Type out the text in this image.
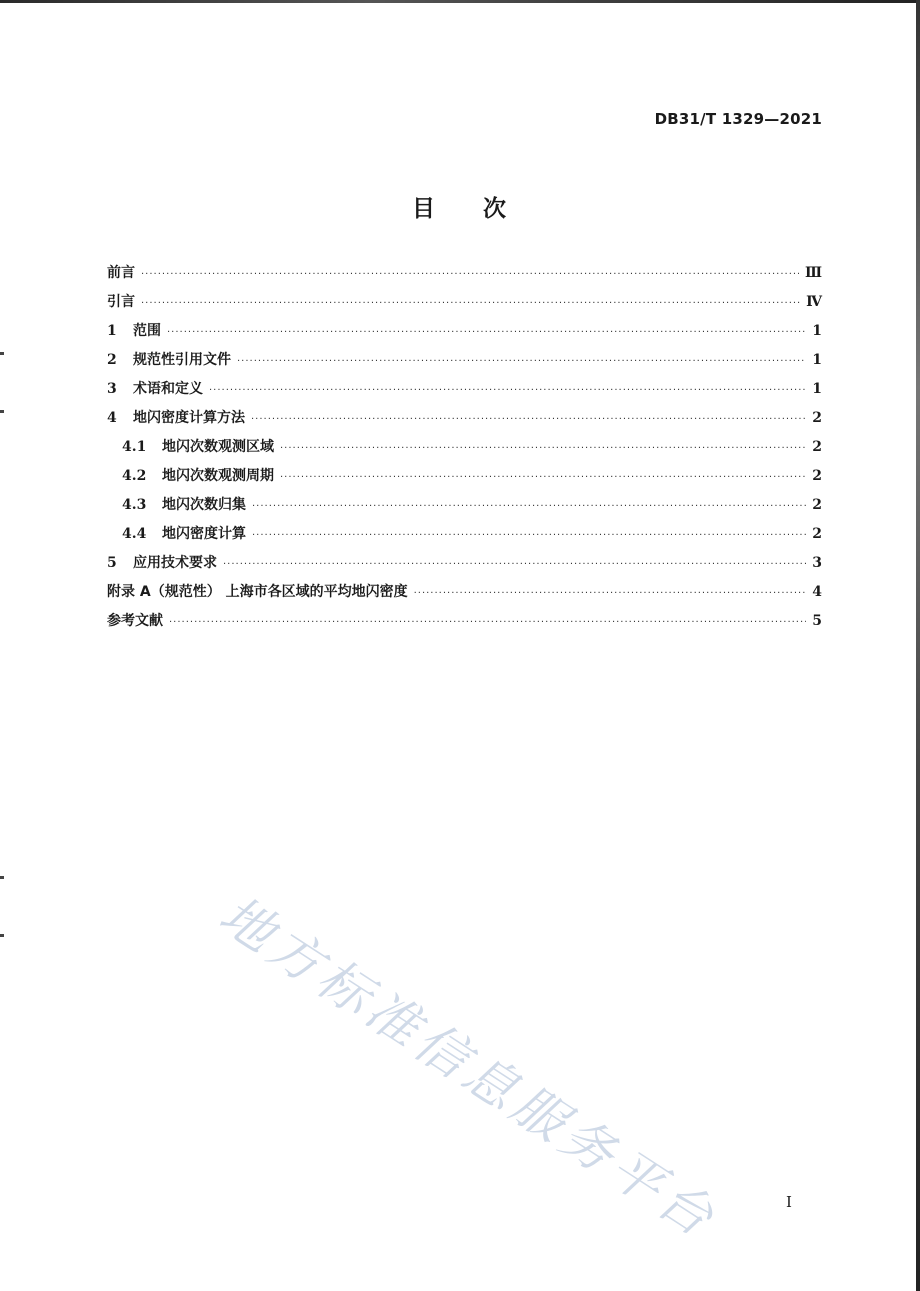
DB31/T 1329—2021
目 次
前言 ·····	Ⅲ
引言 ·····	Ⅳ
1	范围 ·····	1
2	规范性引用文件 ·····	1
3	术语和定义 ·····	1
4	地闪密度计算方法 ·····	2
4.1	地闪次数观测区域 ·····	2
4.2	地闪次数观测周期 ·····	2
4.3	地闪次数归集 ·····	2
4.4	地闪密度计算 ·····	2
5	应用技术要求 ·····	3
附录 A（规范性） 上海市各区域的平均地闪密度 ·····	4
参考文献 ·····	5
地方标准信息服务平台	I
